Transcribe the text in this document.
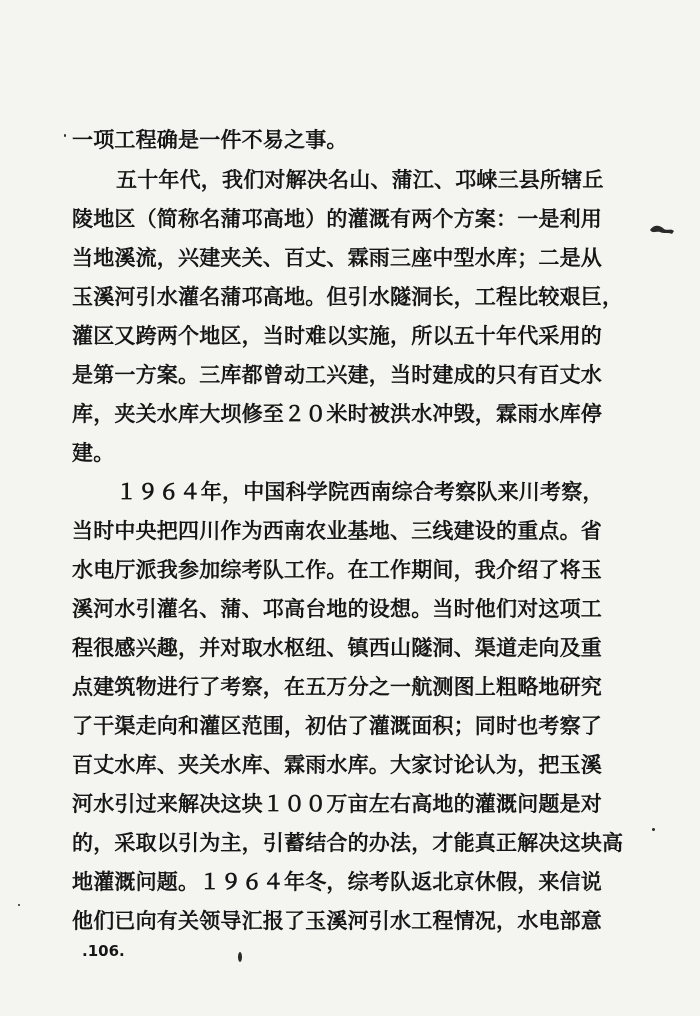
一项工程确是一件不易之事。
五十年代，我们对解决名山、蒲江、邛崃三县所辖丘
陵地区（简称名蒲邛高地）的灌溉有两个方案：一是利用
当地溪流，兴建夹关、百丈、霖雨三座中型水库；二是从
玉溪河引水灌名蒲邛高地。但引水隧洞长，工程比较艰巨，
灌区又跨两个地区，当时难以实施，所以五十年代采用的
是第一方案。三库都曾动工兴建，当时建成的只有百丈水
库，夹关水库大坝修至２０米时被洪水冲毁，霖雨水库停
建。
１９６４年，中国科学院西南综合考察队来川考察，
当时中央把四川作为西南农业基地、三线建设的重点。省
水电厅派我参加综考队工作。在工作期间，我介绍了将玉
溪河水引灌名、蒲、邛高台地的设想。当时他们对这项工
程很感兴趣，并对取水枢纽、镇西山隧洞、渠道走向及重
点建筑物进行了考察，在五万分之一航测图上粗略地研究
了干渠走向和灌区范围，初估了灌溉面积；同时也考察了
百丈水库、夹关水库、霖雨水库。大家讨论认为，把玉溪
河水引过来解决这块１００万亩左右高地的灌溉问题是对
的，采取以引为主，引蓄结合的办法，才能真正解决这块高
地灌溉问题。１９６４年冬，综考队返北京休假，来信说
他们已向有关领导汇报了玉溪河引水工程情况，水电部意
.106.
